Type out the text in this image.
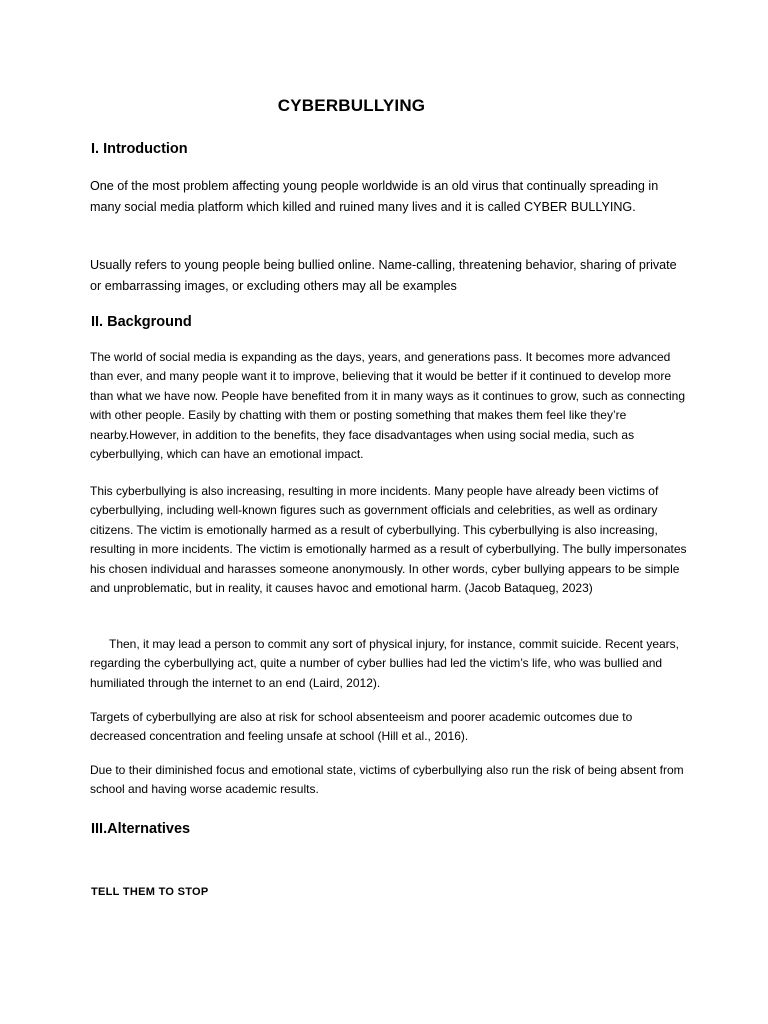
CYBERBULLYING
I. Introduction
One of the most problem affecting young people worldwide is an old virus that continually spreading in many social media platform which killed and ruined many lives and it is called CYBER BULLYING.
Usually refers to young people being bullied online. Name-calling, threatening behavior, sharing of private or embarrassing images, or excluding others may all be examples
II. Background
The world of social media is expanding as the days, years, and generations pass. It becomes more advanced than ever, and many people want it to improve, believing that it would be better if it continued to develop more than what we have now. People have benefited from it in many ways as it continues to grow, such as connecting with other people. Easily by chatting with them or posting something that makes them feel like they’re nearby.However, in addition to the benefits, they face disadvantages when using social media, such as cyberbullying, which can have an emotional impact.
This cyberbullying is also increasing, resulting in more incidents. Many people have already been victims of cyberbullying, including well-known figures such as government officials and celebrities, as well as ordinary citizens. The victim is emotionally harmed as a result of cyberbullying. This cyberbullying is also increasing, resulting in more incidents. The victim is emotionally harmed as a result of cyberbullying. The bully impersonates his chosen individual and harasses someone anonymously. In other words, cyber bullying appears to be simple and unproblematic, but in reality, it causes havoc and emotional harm. (Jacob Bataqueg, 2023)
Then, it may lead a person to commit any sort of physical injury, for instance, commit suicide. Recent years, regarding the cyberbullying act, quite a number of cyber bullies had led the victim’s life, who was bullied and humiliated through the internet to an end (Laird, 2012).
Targets of cyberbullying are also at risk for school absenteeism and poorer academic outcomes due to decreased concentration and feeling unsafe at school (Hill et al., 2016).
Due to their diminished focus and emotional state, victims of cyberbullying also run the risk of being absent from school and having worse academic results.
III.Alternatives
TELL THEM TO STOP
